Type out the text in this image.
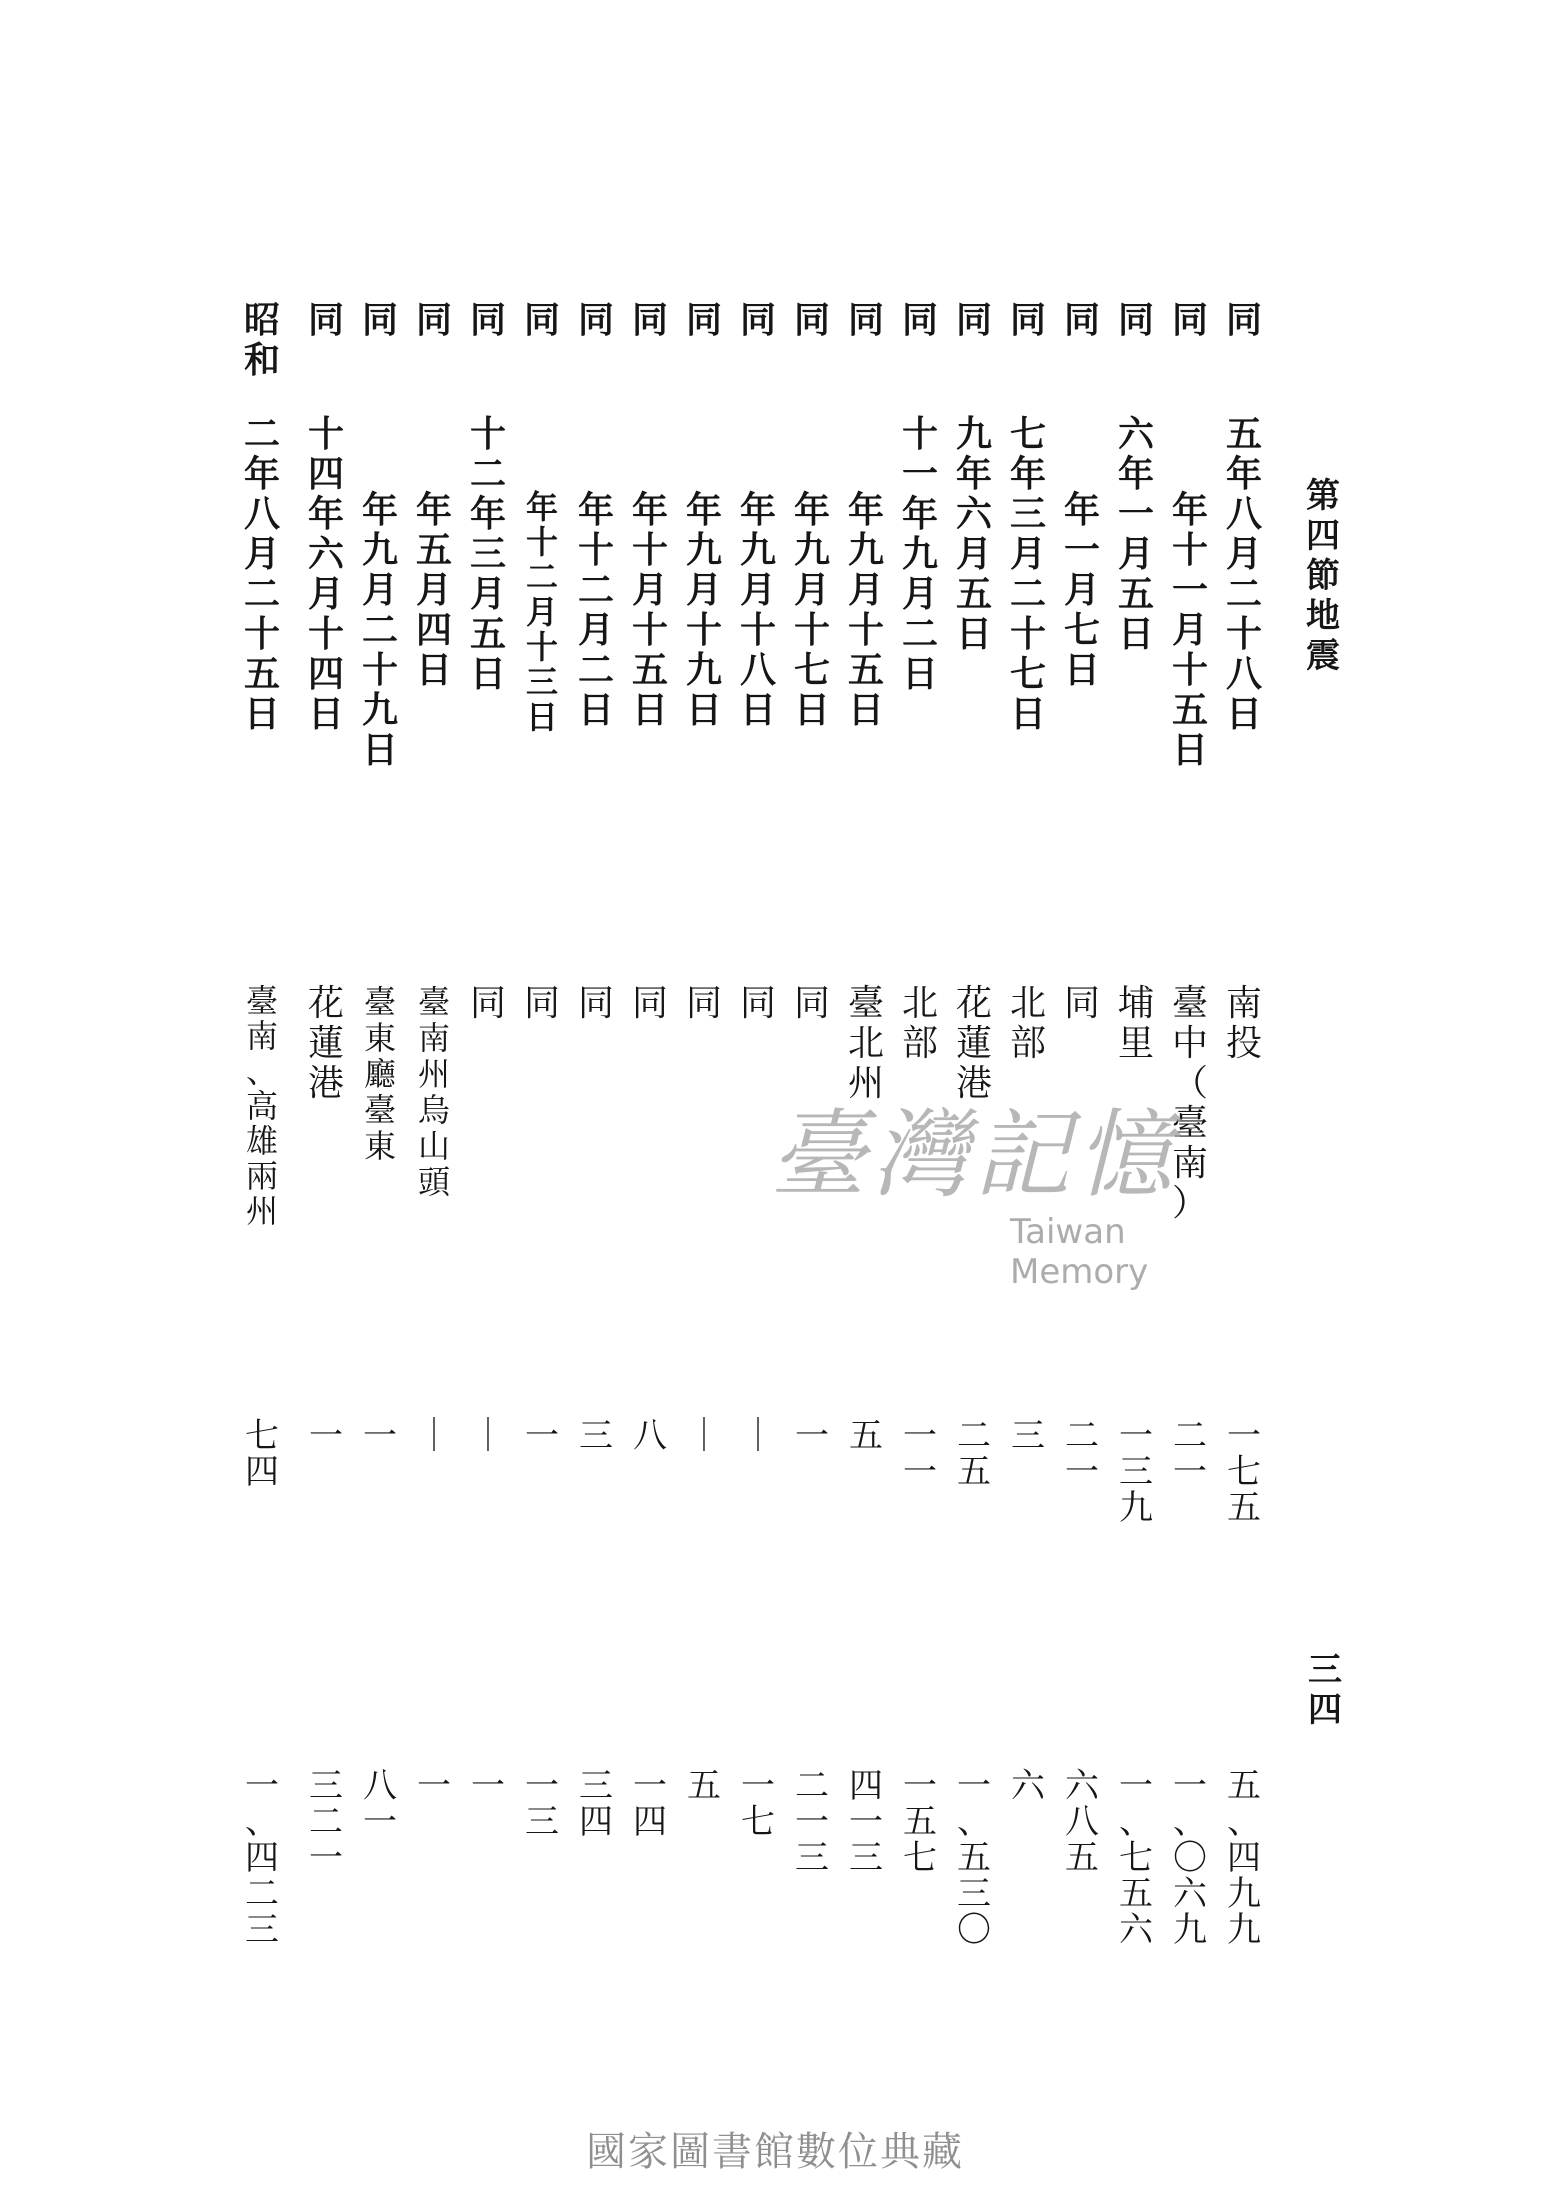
第四節 地震
同
五年八月二十八日
南投
一七五
五、四九九
同
年十一月十五日
臺中（臺南）
二一
一、〇六九
同
六年一月五日
埔里
一三九
一、七五六
同
年一月七日
同
二一
六八五
同
七年三月二十七日
北部
三
六
同
九年六月五日
花蓮港
二五
一、五三〇
同
十一年九月二日
北部
一一
一五七
同
年九月十五日
臺北州
五
四一三
同
年九月十七日
同
一
二一三
同
年九月十八日
同
｜
一七
同
年九月十九日
同
｜
五
同
年十月十五日
同
八
一四
同
年十二月二日
同
三
三四
同
年十二月十三日
同
一
一三
同
十二年三月五日
同
｜
一
同
年五月四日
臺南州烏山頭
｜
一
同
年九月二十九日
臺東廳臺東
一
八一
同
十四年六月十四日
花蓮港
一
三二一
昭和
二年八月二十五日
臺南、高雄兩州
七四
一、四二三
三四
臺灣記憶
Taiwan Memory
國家圖書館數位典藏
